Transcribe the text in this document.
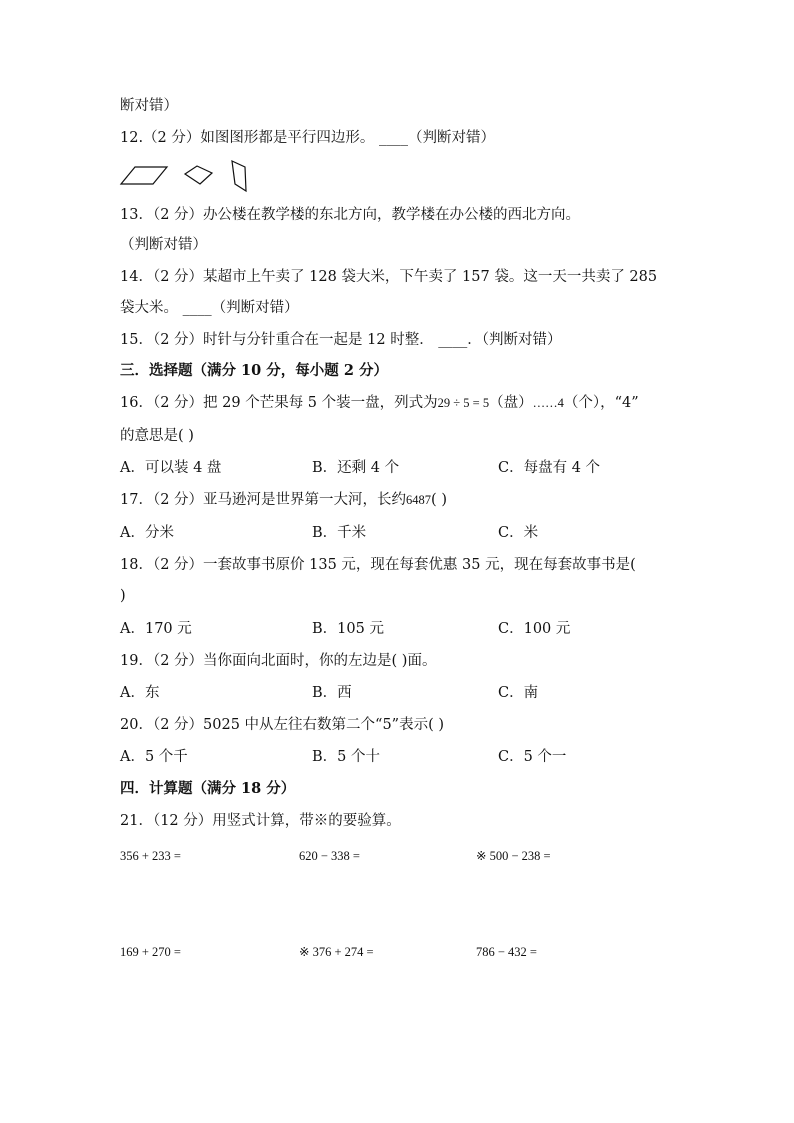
断对错）
12.（2 分）如图图形都是平行四边形。 ____（判断对错）
13．（2 分）办公楼在教学楼的东北方向，教学楼在办公楼的西北方向。
（判断对错）
14．（2 分）某超市上午卖了 128 袋大米，下午卖了 157 袋。这一天一共卖了 285
袋大米。 ____（判断对错）
15．（2 分）时针与分针重合在一起是 12 时整． ____．（判断对错）
三．选择题（满分 10 分，每小题 2 分）
16．（2 分）把 29 个芒果每 5 个装一盘，列式为29 ÷ 5 = 5（盘）……4（个），“4”
的意思是( )
A．可以装 4 盘	B．还剩 4 个	C．每盘有 4 个
17．（2 分）亚马逊河是世界第一大河，长约6487( )
A．分米	B．千米	C．米
18．（2 分）一套故事书原价 135 元，现在每套优惠 35 元，现在每套故事书是(
)
A．170 元	B．105 元	C．100 元
19．（2 分）当你面向北面时，你的左边是( )面。
A．东	B．西	C．南
20．（2 分）5025 中从左往右数第二个“5”表示( )
A．5 个千	B．5 个十	C．5 个一
四．计算题（满分 18 分）
21．（12 分）用竖式计算，带※的要验算。
356 + 233 =	620 − 338 =	※ 500 − 238 =
169 + 270 =	※ 376 + 274 =	786 − 432 =
